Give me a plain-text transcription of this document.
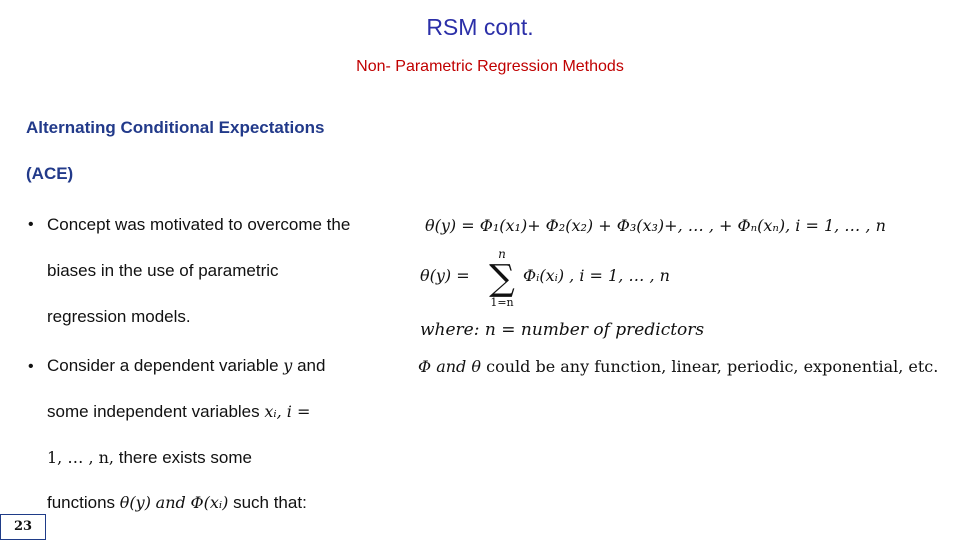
RSM cont.
Non- Parametric Regression Methods
Alternating Conditional Expectations
(ACE)
• Concept was motivated to overcome the
biases in the use of parametric
regression models.
• Consider a dependent variable y and
some independent variables xᵢ, i =
1, … , n, there exists some
functions θ(y) and Φ(xᵢ) such that:
θ(y) = Φ₁(x₁)+ Φ₂(x₂) + Φ₃(x₃)+, … , + Φₙ(xₙ), i = 1, … , n
θ(y) =
n
∑
1=n
Φᵢ(xᵢ) , i = 1, … , n
where: n = number of predictors
Φ and θ could be any function, linear, periodic, exponential, etc.
23
